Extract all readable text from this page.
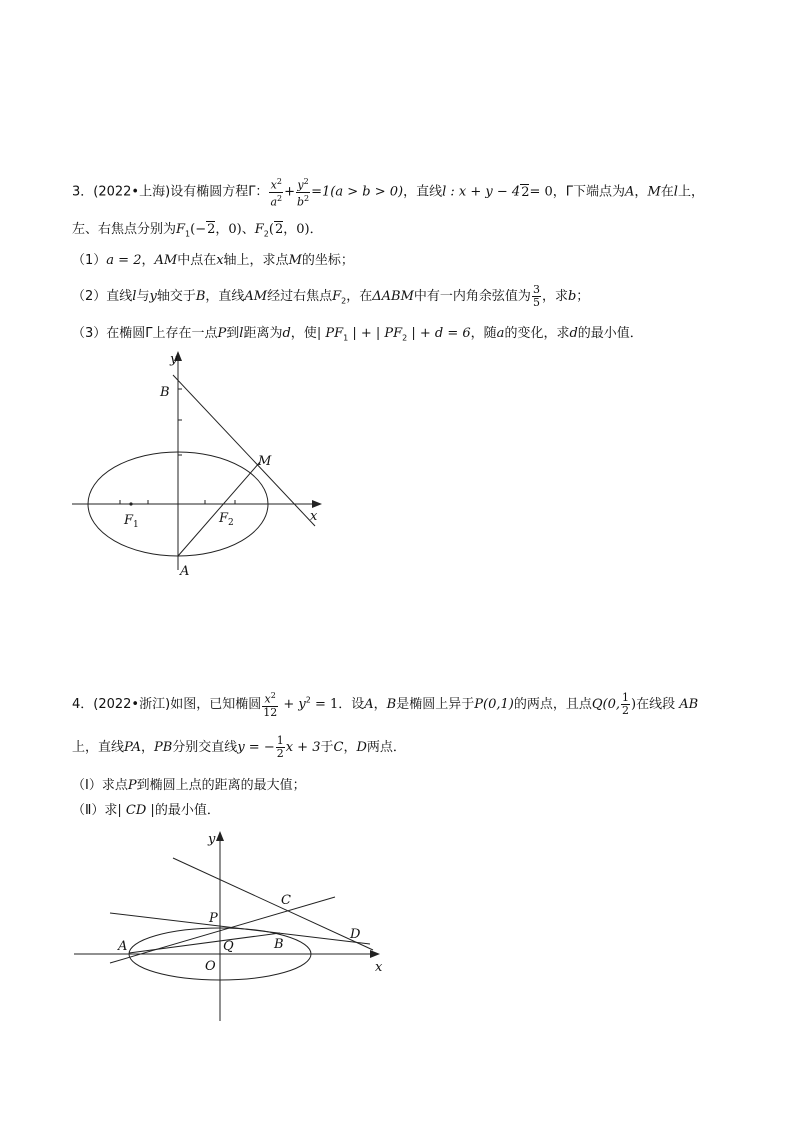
3．(2022•上海)设有椭圆方程Γ： $\frac{x^2}{a^2} + \frac{y^2}{b^2} =1(a > b > 0)$，直线l : x + y − 42= 0，Γ下端点为A，M在l上，
左、右焦点分别为$F_1(-2$，0)、$F_2(2$，0)．
（1）a = 2，AM中点在x轴上，求点M的坐标；
（2）直线l与y轴交于B，直线AM经过右焦点$F_2$，在ΔABM中有一内角余弦值为 $\frac{3}{5}$ ，求b；
（3）在椭圆Γ上存在一点P到l距离为d，使| $PF_1$ | + | $PF_2$ | + d = 6，随a的变化，求d的最小值．
y
x
B
M
F 1	F 2
A
4．(2022•浙江)如图，已知椭圆 $\frac{x^2}{12} + y^2 = 1$．设A，B是椭圆上异于P(0,1)的两点，且点Q(0, $\frac{1}{2}$ )在线段 AB
上，直线PA，PB分别交直线y = − $\frac{1}{2}$ x + 3于C，D两点．
（Ⅰ）求点P到椭圆上点的距离的最大值；
（Ⅱ）求| CD |的最小值．
y
x
P
C
A	Q	B
D
O
